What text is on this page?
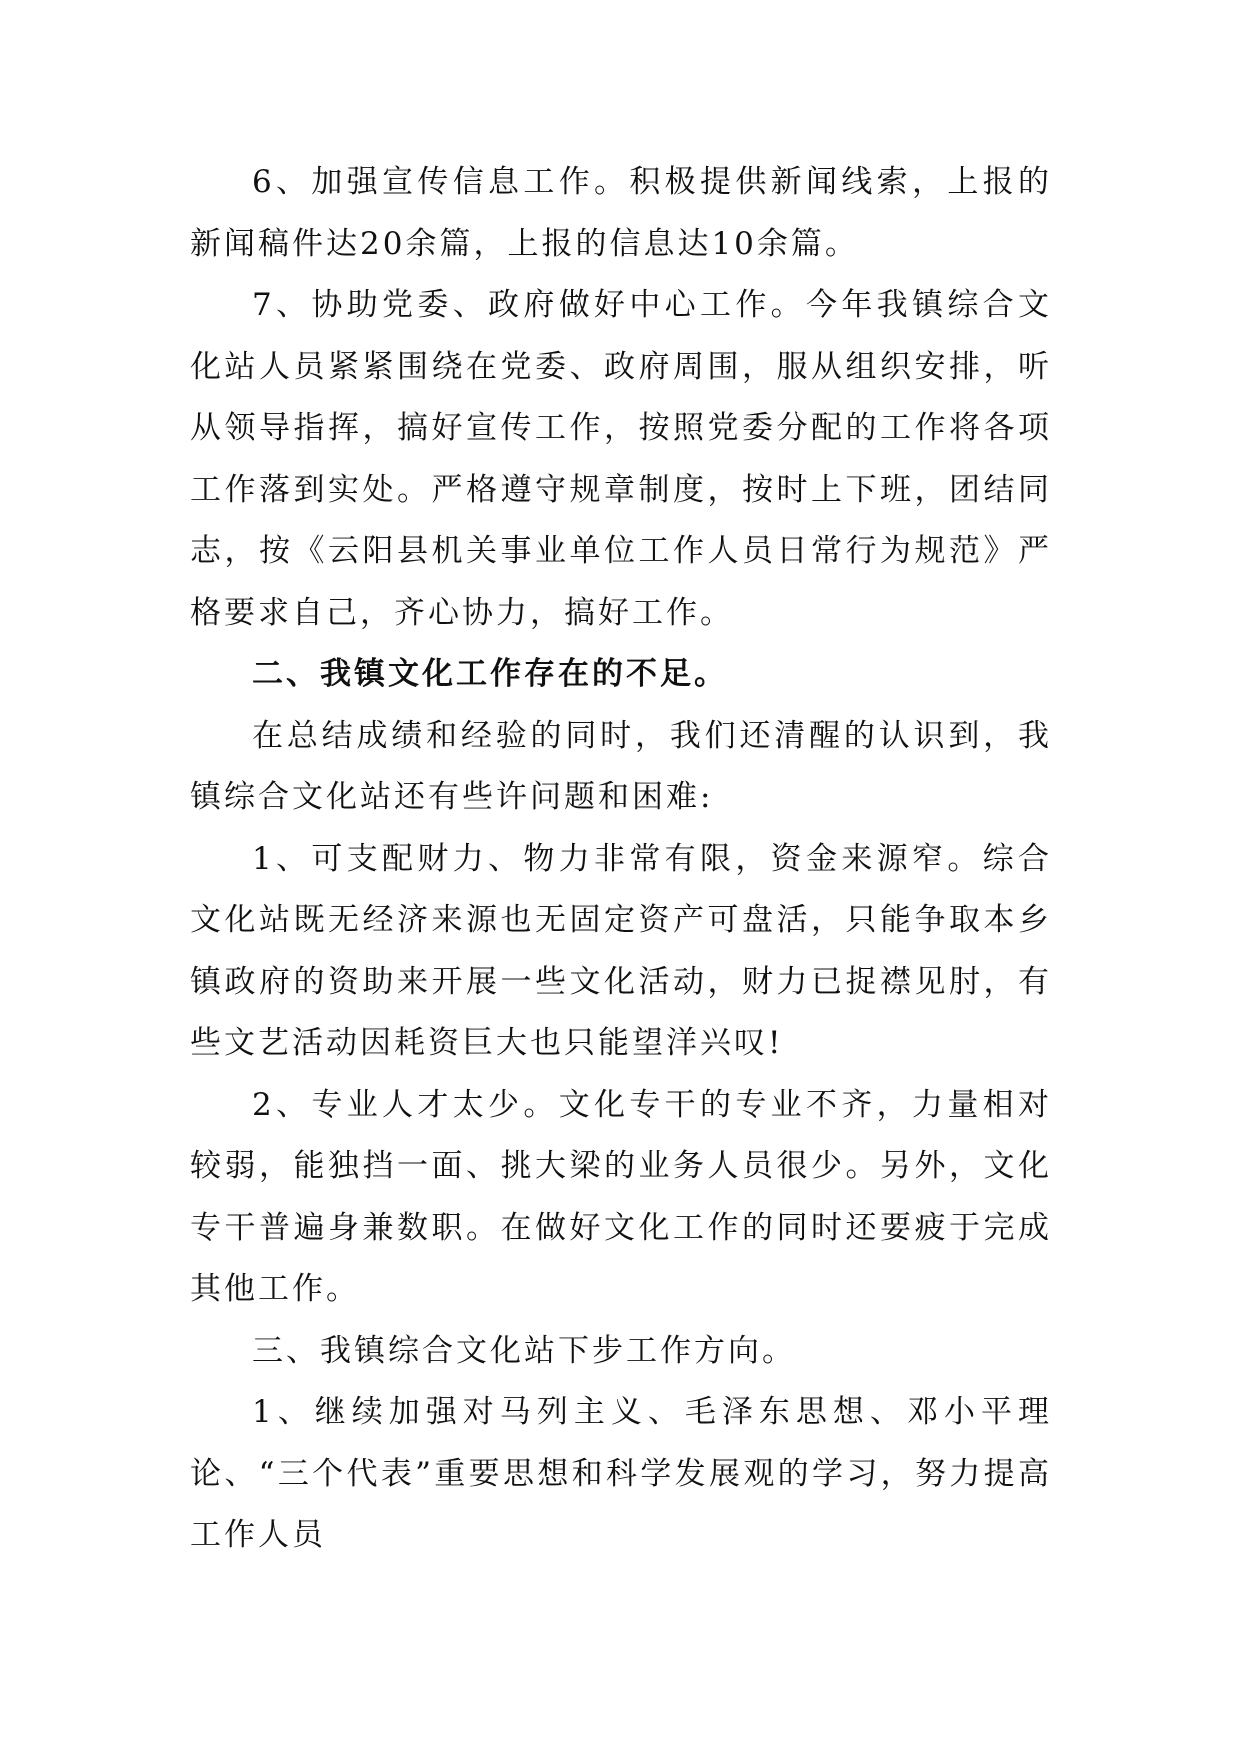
6、加强宣传信息工作。积极提供新闻线索，上报的新闻稿件达20余篇，上报的信息达10余篇。

7、协助党委、政府做好中心工作。今年我镇综合文化站人员紧紧围绕在党委、政府周围，服从组织安排，听从领导指挥，搞好宣传工作，按照党委分配的工作将各项工作落到实处。严格遵守规章制度，按时上下班，团结同志，按《云阳县机关事业单位工作人员日常行为规范》严格要求自己，齐心协力，搞好工作。

二、我镇文化工作存在的不足。

在总结成绩和经验的同时，我们还清醒的认识到，我镇综合文化站还有些许问题和困难:

1、可支配财力、物力非常有限，资金来源窄。综合文化站既无经济来源也无固定资产可盘活，只能争取本乡镇政府的资助来开展一些文化活动，财力已捉襟见肘，有些文艺活动因耗资巨大也只能望洋兴叹!

2、专业人才太少。文化专干的专业不齐，力量相对较弱，能独挡一面、挑大梁的业务人员很少。另外，文化专干普遍身兼数职。在做好文化工作的同时还要疲于完成其他工作。

三、我镇综合文化站下步工作方向。

1、继续加强对马列主义、毛泽东思想、邓小平理论、“三个代表”重要思想和科学发展观的学习，努力提高工作人员
